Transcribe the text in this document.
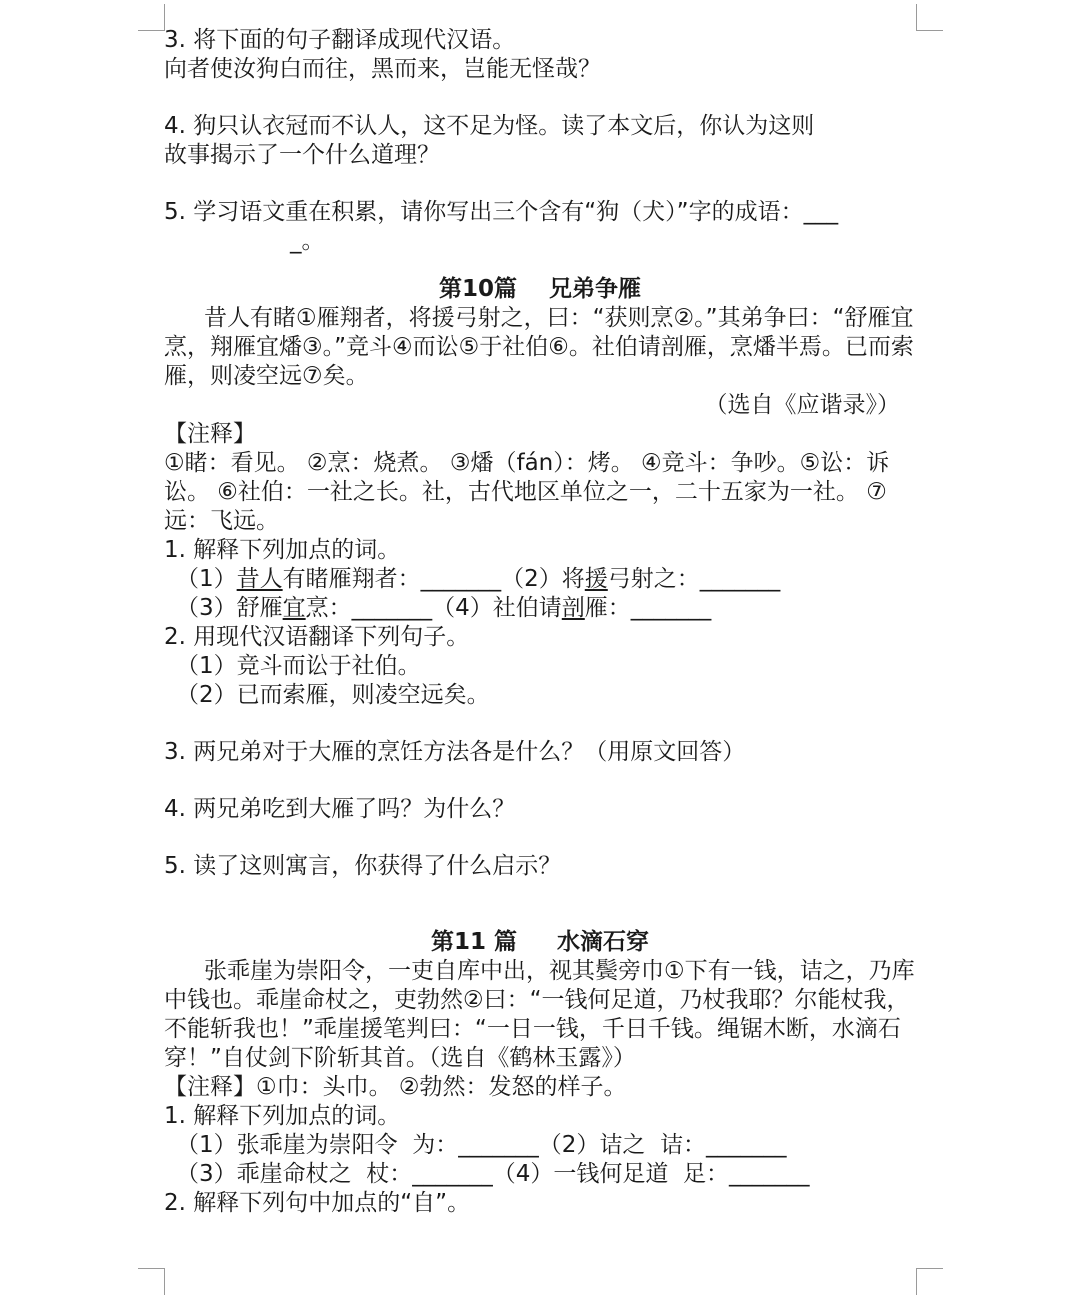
3. 将下面的句子翻译成现代汉语。
向者使汝狗白而往，黑而来，岂能无怪哉？
4. 狗只认衣冠而不认人，这不足为怪。读了本文后，你认为这则
故事揭示了一个什么道理？
5. 学习语文重在积累，请你写出三个含有“狗（犬）”字的成语：___
_。
第10篇    兄弟争雁
昔人有睹①雁翔者，将援弓射之，曰：“获则烹②。”其弟争曰：“舒雁宜烹，翔雁宜燔③。”竞斗④而讼⑤于社伯⑥。社伯请剖雁，烹燔半焉。已而索雁，则凌空远⑦矣。
（选自《应谐录》）
【注释】
①睹：看见。 ②烹：烧煮。 ③燔（fán）：烤。 ④竞斗：争吵。⑤讼：诉讼。 ⑥社伯：一社之长。社，古代地区单位之一，二十五家为一社。 ⑦远：飞远。
1. 解释下列加点的词。
（1）昔人有睹雁翔者：_______（2）将援弓射之：_______
（3）舒雁宜烹：_______（4）社伯请剖雁：_______
2. 用现代汉语翻译下列句子。
（1）竞斗而讼于社伯。
（2）已而索雁，则凌空远矣。
3. 两兄弟对于大雁的烹饪方法各是什么？（用原文回答）
4. 两兄弟吃到大雁了吗？为什么？
5. 读了这则寓言，你获得了什么启示？
第11 篇     水滴石穿
张乖崖为崇阳令，一吏自库中出，视其鬓旁巾①下有一钱，诘之，乃库中钱也。乖崖命杖之，吏勃然②曰：“一钱何足道，乃杖我耶？尔能杖我，不能斩我也！”乖崖援笔判曰：“一日一钱，千日千钱。绳锯木断，水滴石穿！”自仗剑下阶斩其首。（选自《鹤林玉露》）
【注释】①巾：头巾。 ②勃然：发怒的样子。
1. 解释下列加点的词。
（1）张乖崖为崇阳令  为：_______（2）诘之  诘：_______
（3）乖崖命杖之  杖：_______（4）一钱何足道  足：_______
2. 解释下列句中加点的“自”。
